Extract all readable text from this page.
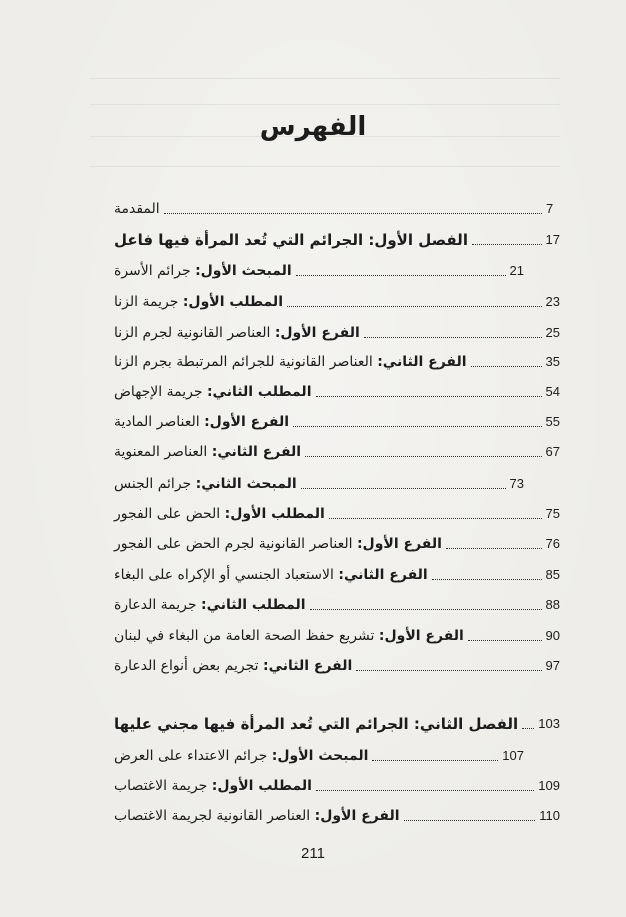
الفهرس
المقدمة	7
الفصل الأول: الجرائم التي تُعد المرأة فيها فاعل	17
المبحث الأول: جرائم الأسرة	21
المطلب الأول: جريمة الزنا	23
الفرع الأول: العناصر القانونية لجرم الزنا	25
الفرع الثاني: العناصر القانونية للجرائم المرتبطة بجرم الزنا	35
المطلب الثاني: جريمة الإجهاض	54
الفرع الأول: العناصر المادية	55
الفرع الثاني: العناصر المعنوية	67
المبحث الثاني: جرائم الجنس	73
المطلب الأول: الحض على الفجور	75
الفرع الأول: العناصر القانونية لجرم الحض على الفجور	76
الفرع الثاني: الاستعباد الجنسي أو الإكراه على البغاء	85
المطلب الثاني: جريمة الدعارة	88
الفرع الأول: تشريع حفظ الصحة العامة من البغاء في لبنان	90
الفرع الثاني: تجريم بعض أنواع الدعارة	97
الفصل الثاني: الجرائم التي تُعد المرأة فيها مجني عليها 103
المبحث الأول: جرائم الاعتداء على العرض	107
المطلب الأول: جريمة الاغتصاب	109
الفرع الأول: العناصر القانونية لجريمة الاغتصاب	110
211
